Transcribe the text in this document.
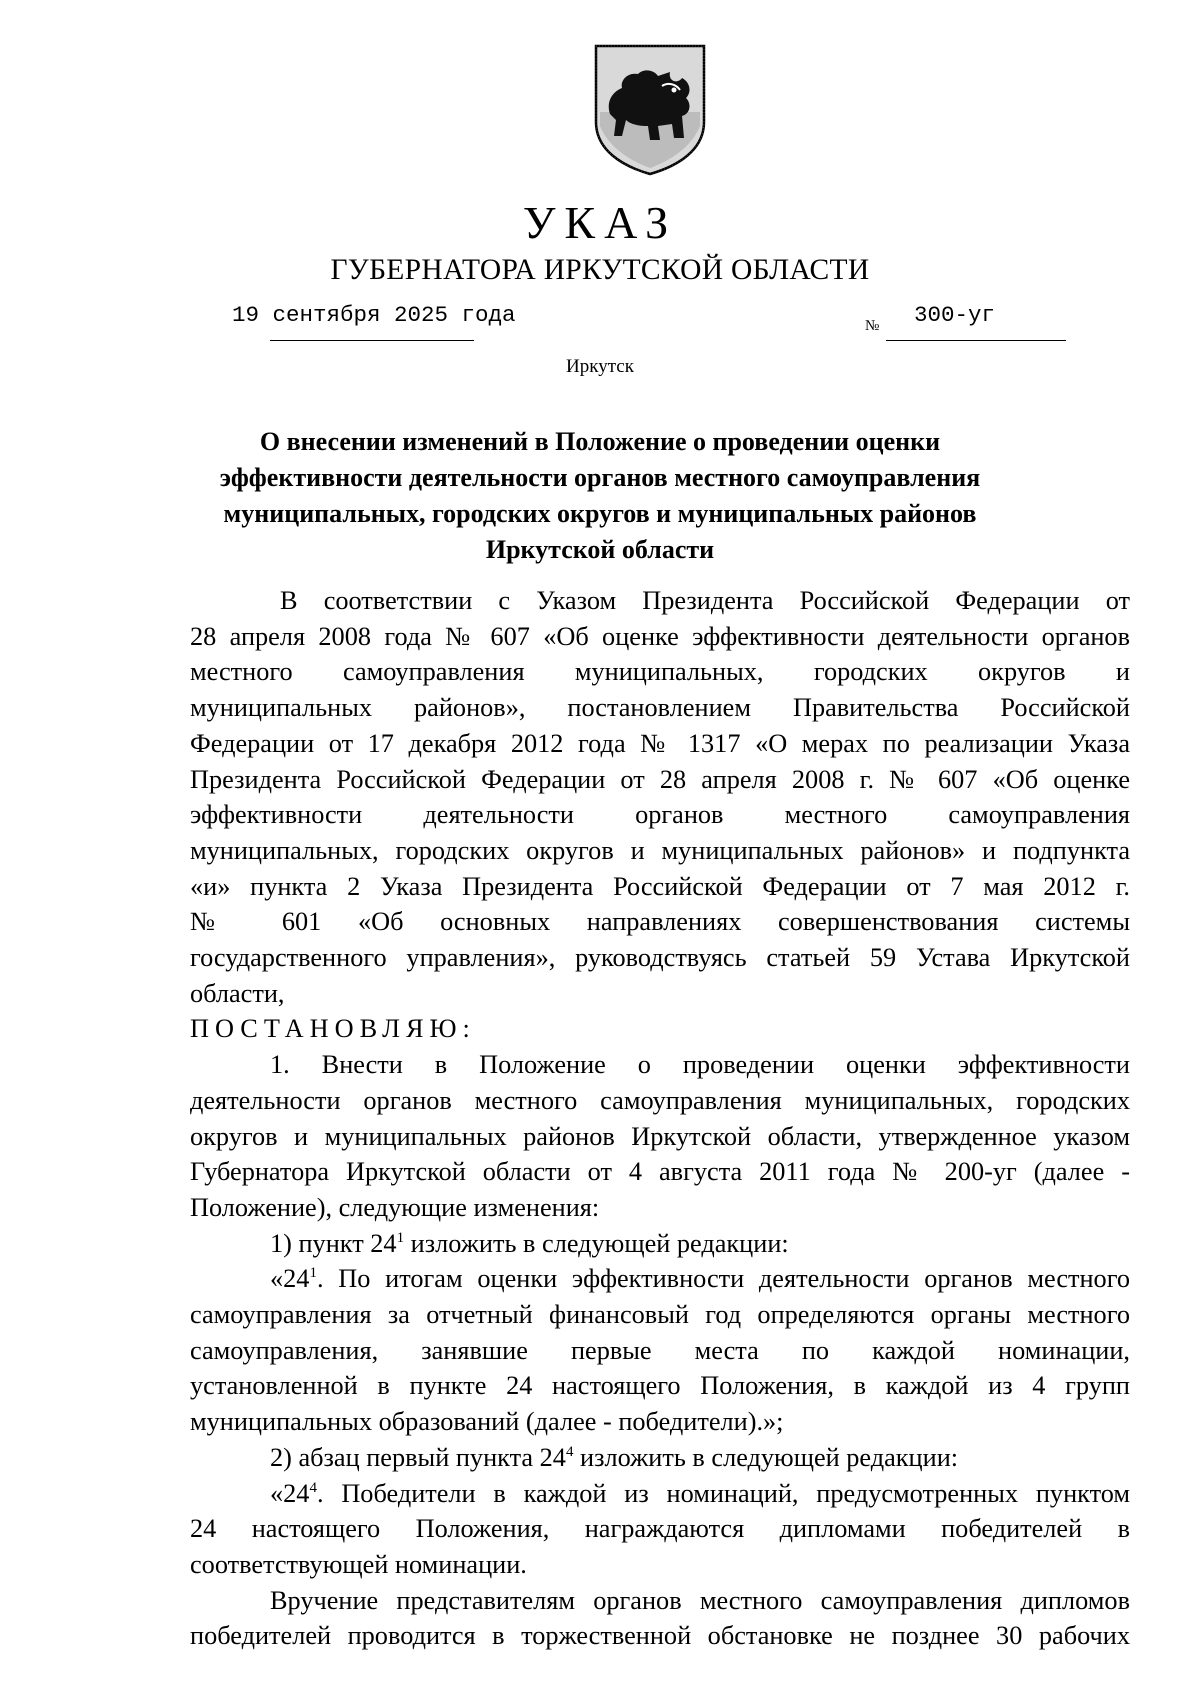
УКАЗ
ГУБЕРНАТОРА ИРКУТСКОЙ ОБЛАСТИ
19 сентября 2025 года	№ 300-уг
Иркутск
О внесении изменений в Положение о проведении оценки
эффективности деятельности органов местного самоуправления
муниципальных, городских округов и муниципальных районов
Иркутской области
В соответствии с Указом Президента Российской Федерации от
28 апреля 2008 года № 607 «Об оценке эффективности деятельности органов
местного самоуправления муниципальных, городских округов и
муниципальных районов», постановлением Правительства Российской
Федерации от 17 декабря 2012 года № 1317 «О мерах по реализации Указа
Президента Российской Федерации от 28 апреля 2008 г. № 607 «Об оценке
эффективности деятельности органов местного самоуправления
муниципальных, городских округов и муниципальных районов» и подпункта
«и» пункта 2 Указа Президента Российской Федерации от 7 мая 2012 г.
№ 601 «Об основных направлениях совершенствования системы
государственного управления», руководствуясь статьей 59 Устава Иркутской
области,
ПОСТАНОВЛЯЮ:
1. Внести в Положение о проведении оценки эффективности
деятельности органов местного самоуправления муниципальных, городских
округов и муниципальных районов Иркутской области, утвержденное указом
Губернатора Иркутской области от 4 августа 2011 года № 200-уг (далее -
Положение), следующие изменения:
1) пункт $24^1$ изложить в следующей редакции:
«$24^1$. По итогам оценки эффективности деятельности органов местного
самоуправления за отчетный финансовый год определяются органы местного
самоуправления, занявшие первые места по каждой номинации,
установленной в пункте 24 настоящего Положения, в каждой из 4 групп
муниципальных образований (далее - победители).»;
2) абзац первый пункта $24^4$ изложить в следующей редакции:
«$24^4$. Победители в каждой из номинаций, предусмотренных пунктом
24 настоящего Положения, награждаются дипломами победителей в
соответствующей номинации.
Вручение представителям органов местного самоуправления дипломов
победителей проводится в торжественной обстановке не позднее 30 рабочих
